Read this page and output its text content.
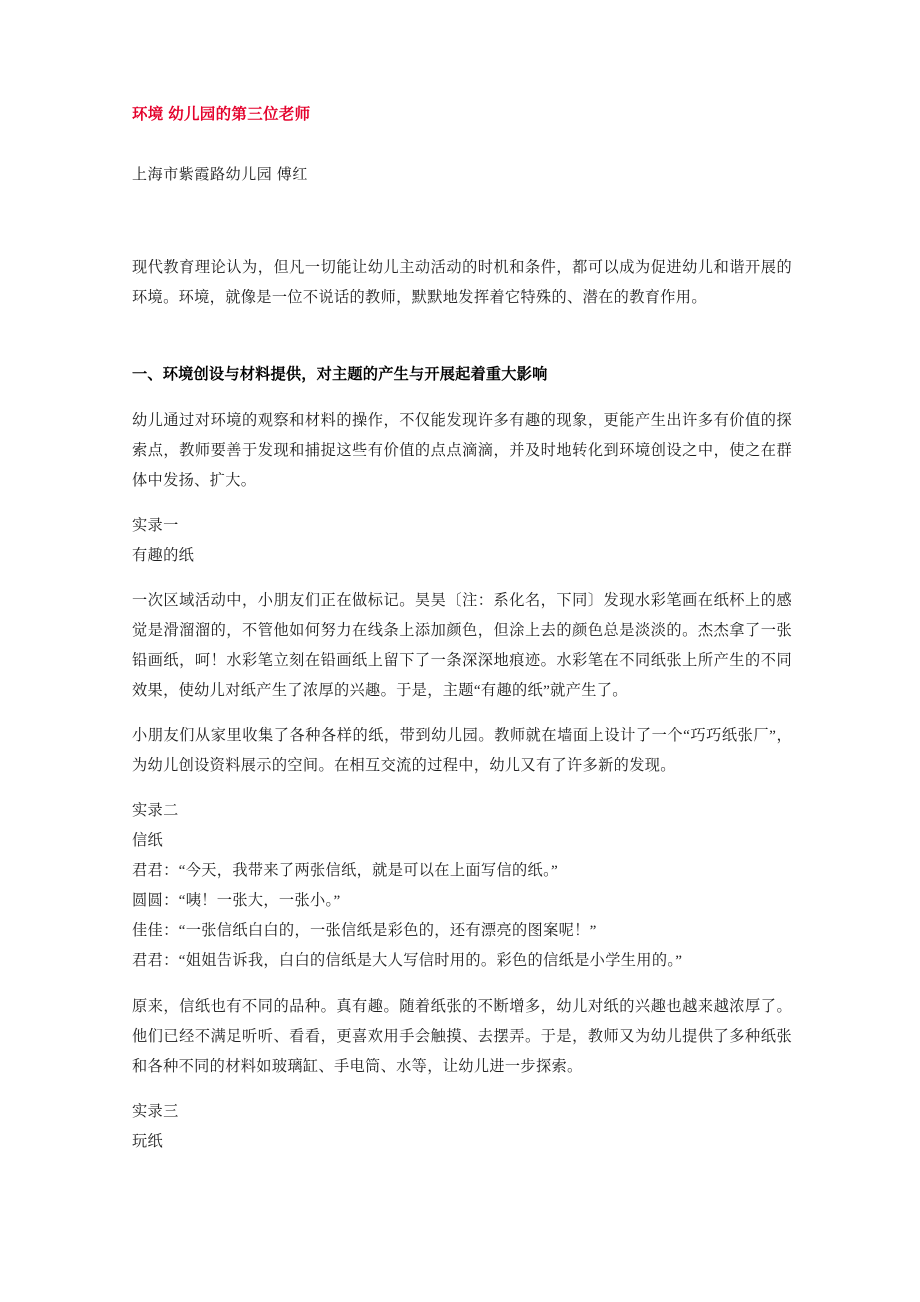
环境 幼儿园的第三位老师
上海市紫霞路幼儿园 傅红

现代教育理论认为，但凡一切能让幼儿主动活动的时机和条件，都可以成为促进幼儿和谐开展的环境。环境，就像是一位不说话的教师，默默地发挥着它特殊的、潜在的教育作用。

一、环境创设与材料提供，对主题的产生与开展起着重大影响

幼儿通过对环境的观察和材料的操作，不仅能发现许多有趣的现象，更能产生出许多有价值的探索点，教师要善于发现和捕捉这些有价值的点点滴滴，并及时地转化到环境创设之中，使之在群体中发扬、扩大。

实录一
有趣的纸

一次区域活动中，小朋友们正在做标记。昊昊〔注：系化名，下同〕发现水彩笔画在纸杯上的感觉是滑溜溜的，不管他如何努力在线条上添加颜色，但涂上去的颜色总是淡淡的。杰杰拿了一张铅画纸，呵！水彩笔立刻在铅画纸上留下了一条深深地痕迹。水彩笔在不同纸张上所产生的不同效果，使幼儿对纸产生了浓厚的兴趣。于是，主题“有趣的纸”就产生了。

小朋友们从家里收集了各种各样的纸，带到幼儿园。教师就在墙面上设计了一个“巧巧纸张厂”，为幼儿创设资料展示的空间。在相互交流的过程中，幼儿又有了许多新的发现。

实录二
信纸
君君：“今天，我带来了两张信纸，就是可以在上面写信的纸。”
圆圆：“咦！一张大，一张小。”
佳佳：“一张信纸白白的，一张信纸是彩色的，还有漂亮的图案呢！”
君君：“姐姐告诉我，白白的信纸是大人写信时用的。彩色的信纸是小学生用的。”

原来，信纸也有不同的品种。真有趣。随着纸张的不断增多，幼儿对纸的兴趣也越来越浓厚了。他们已经不满足听听、看看，更喜欢用手会触摸、去摆弄。于是，教师又为幼儿提供了多种纸张和各种不同的材料如玻璃缸、手电筒、水等，让幼儿进一步探索。

实录三
玩纸
